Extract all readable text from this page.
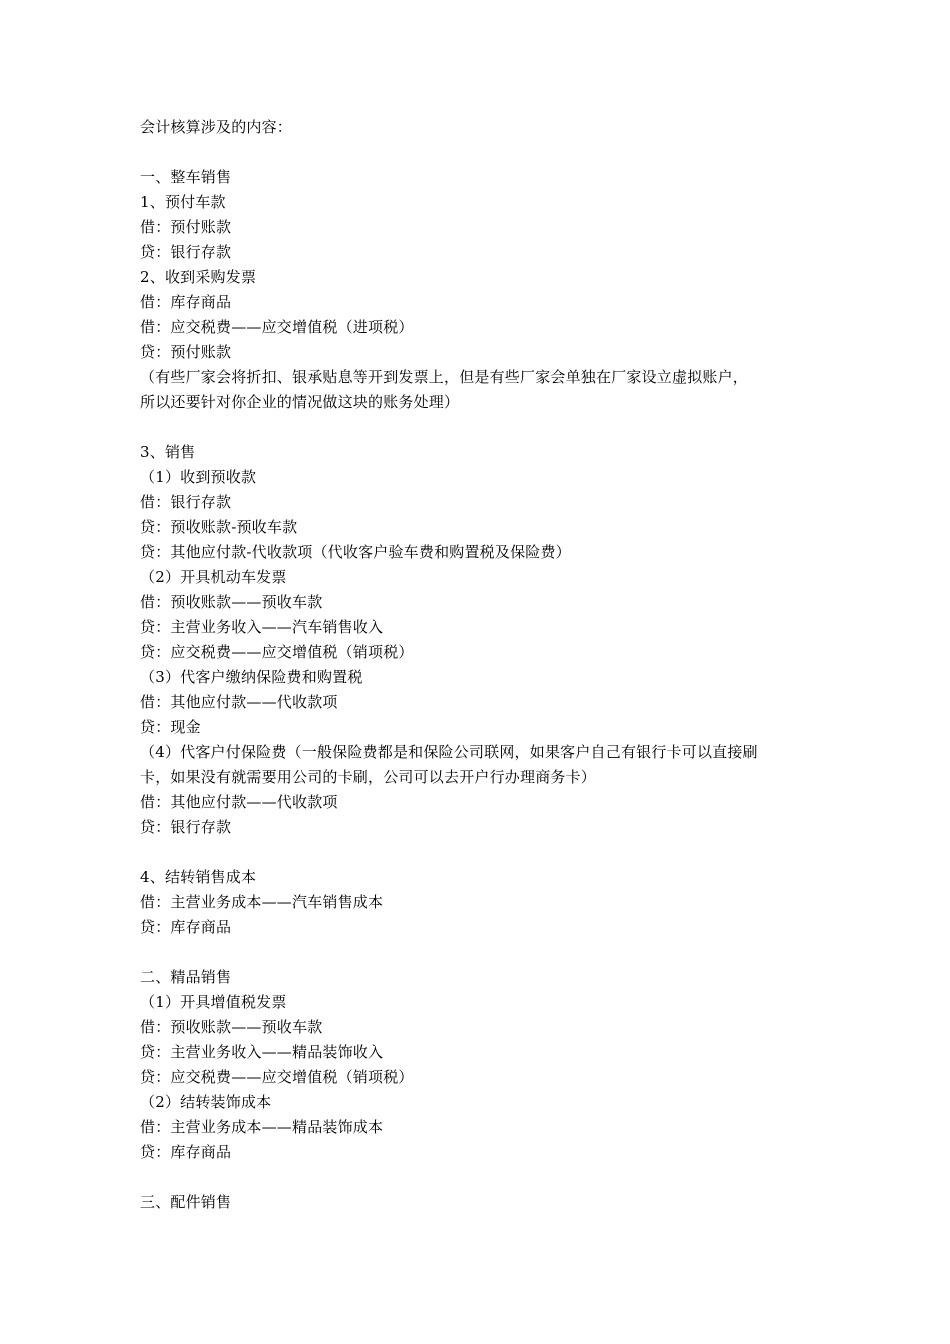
会计核算涉及的内容：
一、整车销售
1、预付车款
借：预付账款
贷：银行存款
2、收到采购发票
借：库存商品
借：应交税费——应交增值税（进项税）
贷：预付账款
（有些厂家会将折扣、银承贴息等开到发票上，但是有些厂家会单独在厂家设立虚拟账户，
所以还要针对你企业的情况做这块的账务处理）
3、销售
（1）收到预收款
借：银行存款
贷：预收账款-预收车款
贷：其他应付款-代收款项（代收客户验车费和购置税及保险费）
（2）开具机动车发票
借：预收账款——预收车款
贷：主营业务收入——汽车销售收入
贷：应交税费——应交增值税（销项税）
（3）代客户缴纳保险费和购置税
借：其他应付款——代收款项
贷：现金
（4）代客户付保险费（一般保险费都是和保险公司联网，如果客户自己有银行卡可以直接刷
卡，如果没有就需要用公司的卡刷，公司可以去开户行办理商务卡）
借：其他应付款——代收款项
贷：银行存款
4、结转销售成本
借：主营业务成本——汽车销售成本
贷：库存商品
二、精品销售
（1）开具增值税发票
借：预收账款——预收车款
贷：主营业务收入——精品装饰收入
贷：应交税费——应交增值税（销项税）
（2）结转装饰成本
借：主营业务成本——精品装饰成本
贷：库存商品
三、配件销售
